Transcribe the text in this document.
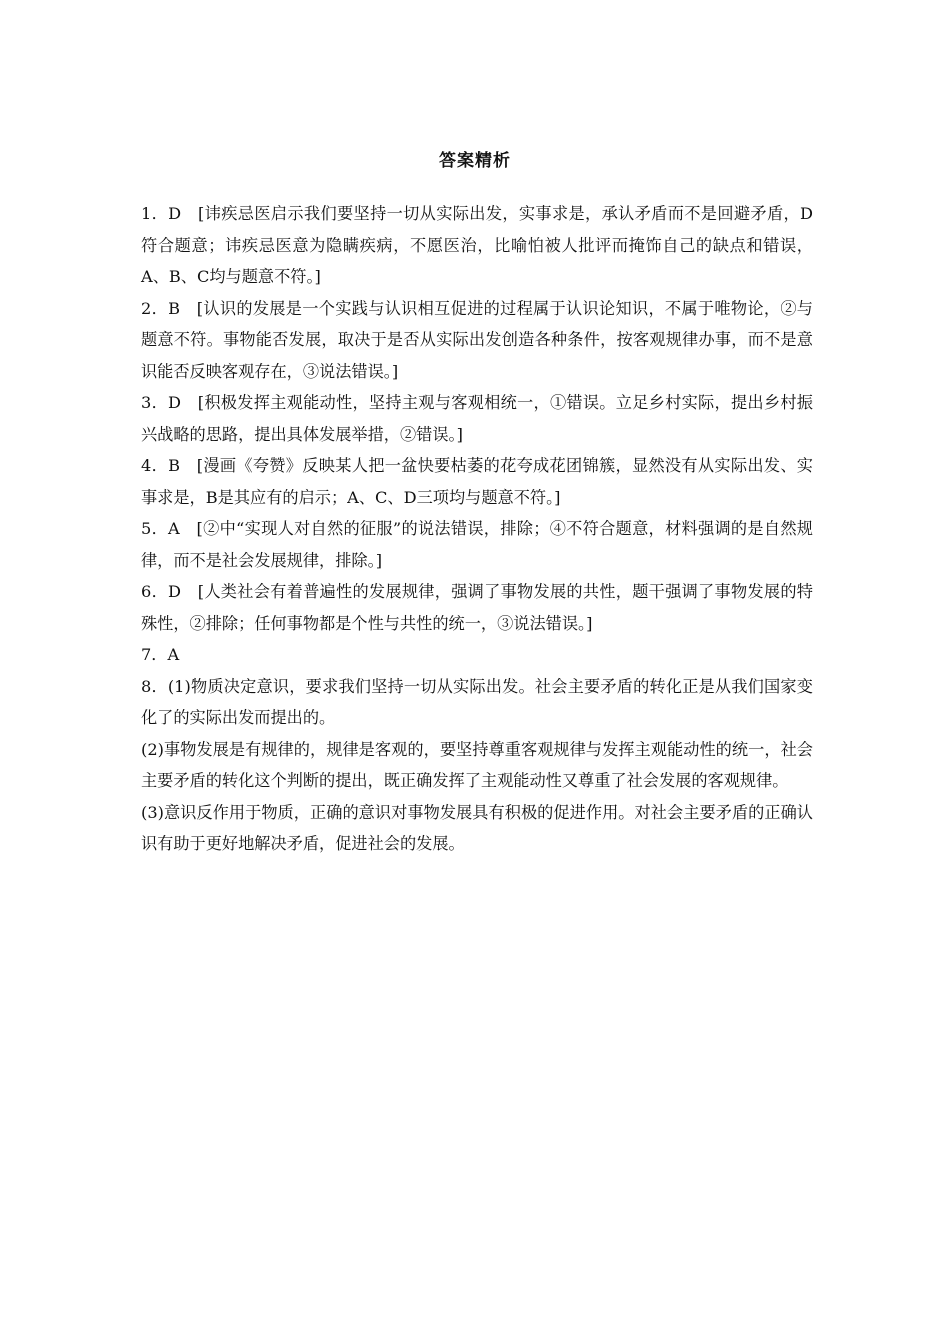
答案精析

1．D　[讳疾忌医启示我们要坚持一切从实际出发，实事求是，承认矛盾而不是回避矛盾，D符合题意；讳疾忌医意为隐瞒疾病，不愿医治，比喻怕被人批评而掩饰自己的缺点和错误，A、B、C均与题意不符。]

2．B　[认识的发展是一个实践与认识相互促进的过程属于认识论知识，不属于唯物论，②与题意不符。事物能否发展，取决于是否从实际出发创造各种条件，按客观规律办事，而不是意识能否反映客观存在，③说法错误。]

3．D　[积极发挥主观能动性，坚持主观与客观相统一，①错误。立足乡村实际，提出乡村振兴战略的思路，提出具体发展举措，②错误。]

4．B　[漫画《夸赞》反映某人把一盆快要枯萎的花夸成花团锦簇，显然没有从实际出发、实事求是，B是其应有的启示；A、C、D三项均与题意不符。]

5．A　[②中“实现人对自然的征服”的说法错误，排除；④不符合题意，材料强调的是自然规律，而不是社会发展规律，排除。]

6．D　[人类社会有着普遍性的发展规律，强调了事物发展的共性，题干强调了事物发展的特殊性，②排除；任何事物都是个性与共性的统一，③说法错误。]

7．A

8．(1)物质决定意识，要求我们坚持一切从实际出发。社会主要矛盾的转化正是从我们国家变化了的实际出发而提出的。

(2)事物发展是有规律的，规律是客观的，要坚持尊重客观规律与发挥主观能动性的统一，社会主要矛盾的转化这个判断的提出，既正确发挥了主观能动性又尊重了社会发展的客观规律。

(3)意识反作用于物质，正确的意识对事物发展具有积极的促进作用。对社会主要矛盾的正确认识有助于更好地解决矛盾，促进社会的发展。
